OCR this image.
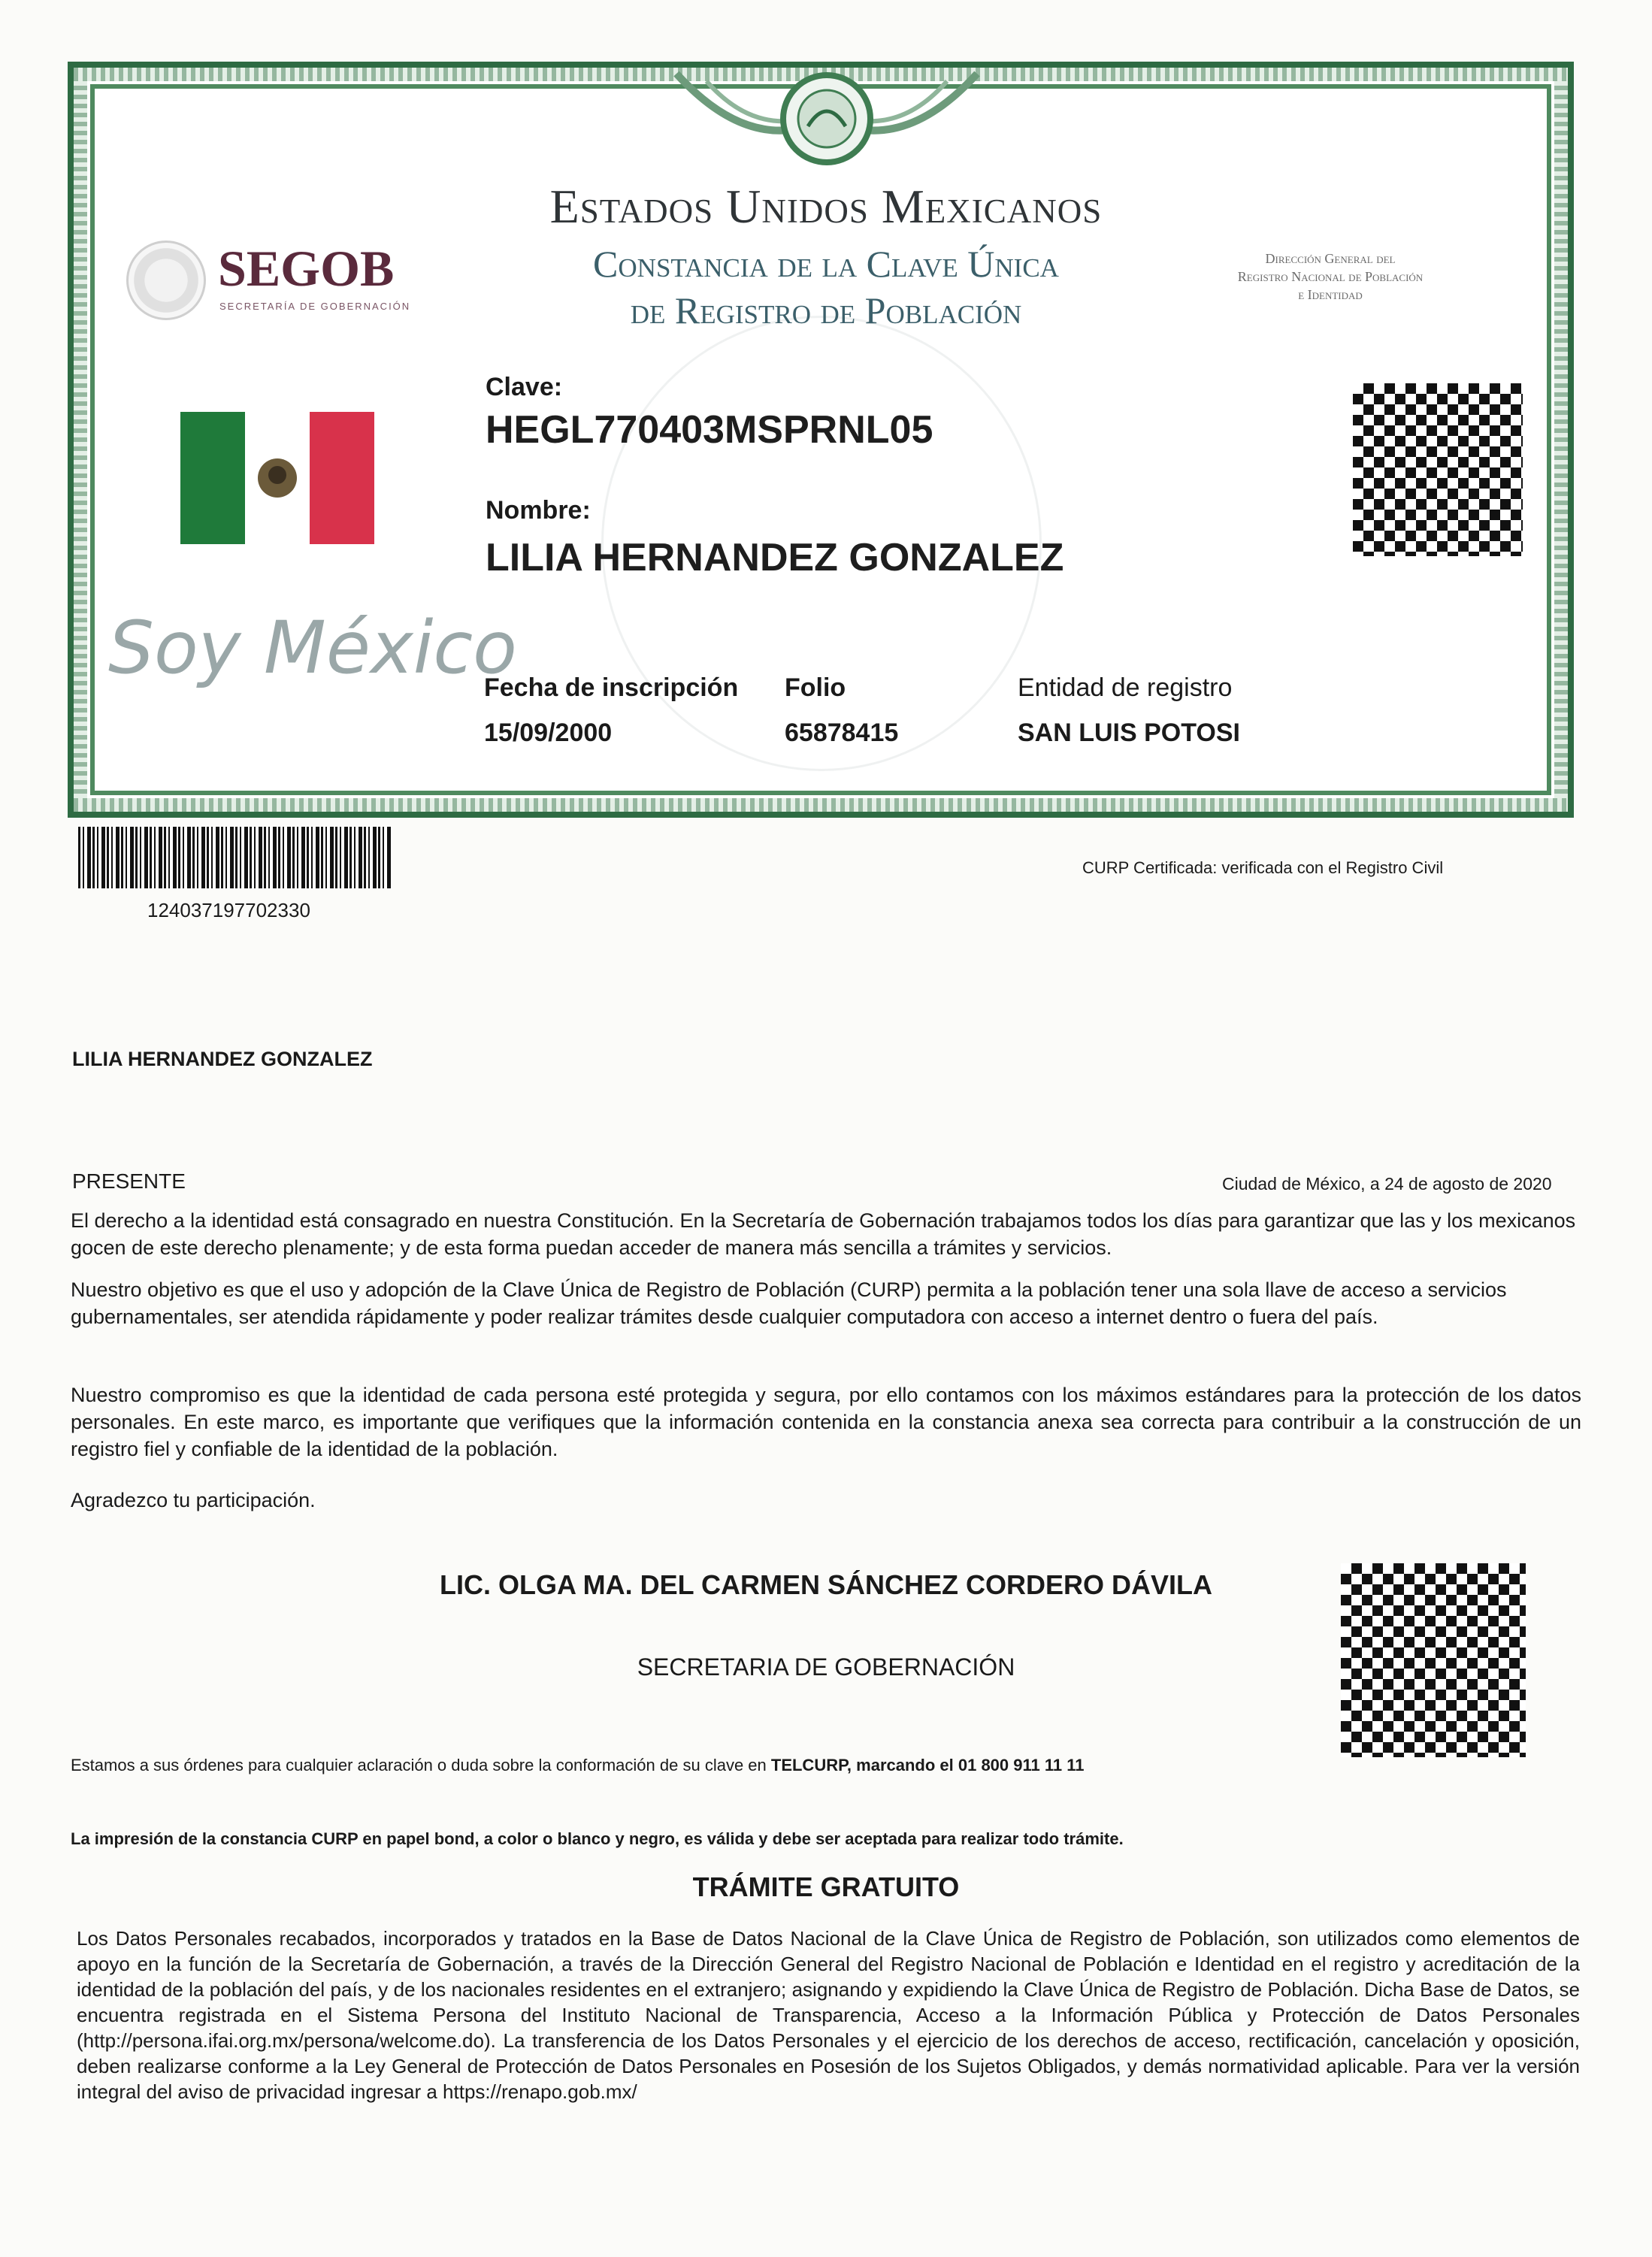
Estados Unidos Mexicanos
Constancia de la Clave Única
de Registro de Población
SEGOB
SECRETARÍA DE GOBERNACIÓN
Dirección General del
Registro Nacional de Población
e Identidad
Soy México
Clave:
HEGL770403MSPRNL05
Nombre:
LILIA HERNANDEZ GONZALEZ
Fecha de inscripción
15/09/2000
Folio
65878415
Entidad de registro
SAN LUIS POTOSI
124037197702330
CURP Certificada: verificada con el Registro Civil
LILIA HERNANDEZ GONZALEZ
PRESENTE	Ciudad de México, a 24 de agosto de 2020
El derecho a la identidad está consagrado en nuestra Constitución. En la Secretaría de Gobernación trabajamos todos los días para garantizar que las y los mexicanos gocen de este derecho plenamente; y de esta forma puedan acceder de manera más sencilla a trámites y servicios.
Nuestro objetivo es que el uso y adopción de la Clave Única de Registro de Población (CURP) permita a la población tener una sola llave de acceso a servicios gubernamentales, ser atendida rápidamente y poder realizar trámites desde cualquier computadora con acceso a internet dentro o fuera del país.
Nuestro compromiso es que la identidad de cada persona esté protegida y segura, por ello contamos con los máximos estándares para la protección de los datos personales. En este marco, es importante que verifiques que la información contenida en la constancia anexa sea correcta para contribuir a la construcción de un registro fiel y confiable de la identidad de la población.
Agradezco tu participación.
LIC. OLGA MA. DEL CARMEN SÁNCHEZ CORDERO DÁVILA
SECRETARIA DE GOBERNACIÓN
Estamos a sus órdenes para cualquier aclaración o duda sobre la conformación de su clave en TELCURP, marcando el 01 800 911 11 11
La impresión de la constancia CURP en papel bond, a color o blanco y negro, es válida y debe ser aceptada para realizar todo trámite.
TRÁMITE GRATUITO
Los Datos Personales recabados, incorporados y tratados en la Base de Datos Nacional de la Clave Única de Registro de Población, son utilizados como elementos de apoyo en la función de la Secretaría de Gobernación, a través de la Dirección General del Registro Nacional de Población e Identidad en el registro y acreditación de la identidad de la población del país, y de los nacionales residentes en el extranjero; asignando y expidiendo la Clave Única de Registro de Población. Dicha Base de Datos, se encuentra registrada en el Sistema Persona del Instituto Nacional de Transparencia, Acceso a la Información Pública y Protección de Datos Personales (http://persona.ifai.org.mx/persona/welcome.do). La transferencia de los Datos Personales y el ejercicio de los derechos de acceso, rectificación, cancelación y oposición, deben realizarse conforme a la Ley General de Protección de Datos Personales en Posesión de los Sujetos Obligados, y demás normatividad aplicable. Para ver la versión integral del aviso de privacidad ingresar a https://renapo.gob.mx/
